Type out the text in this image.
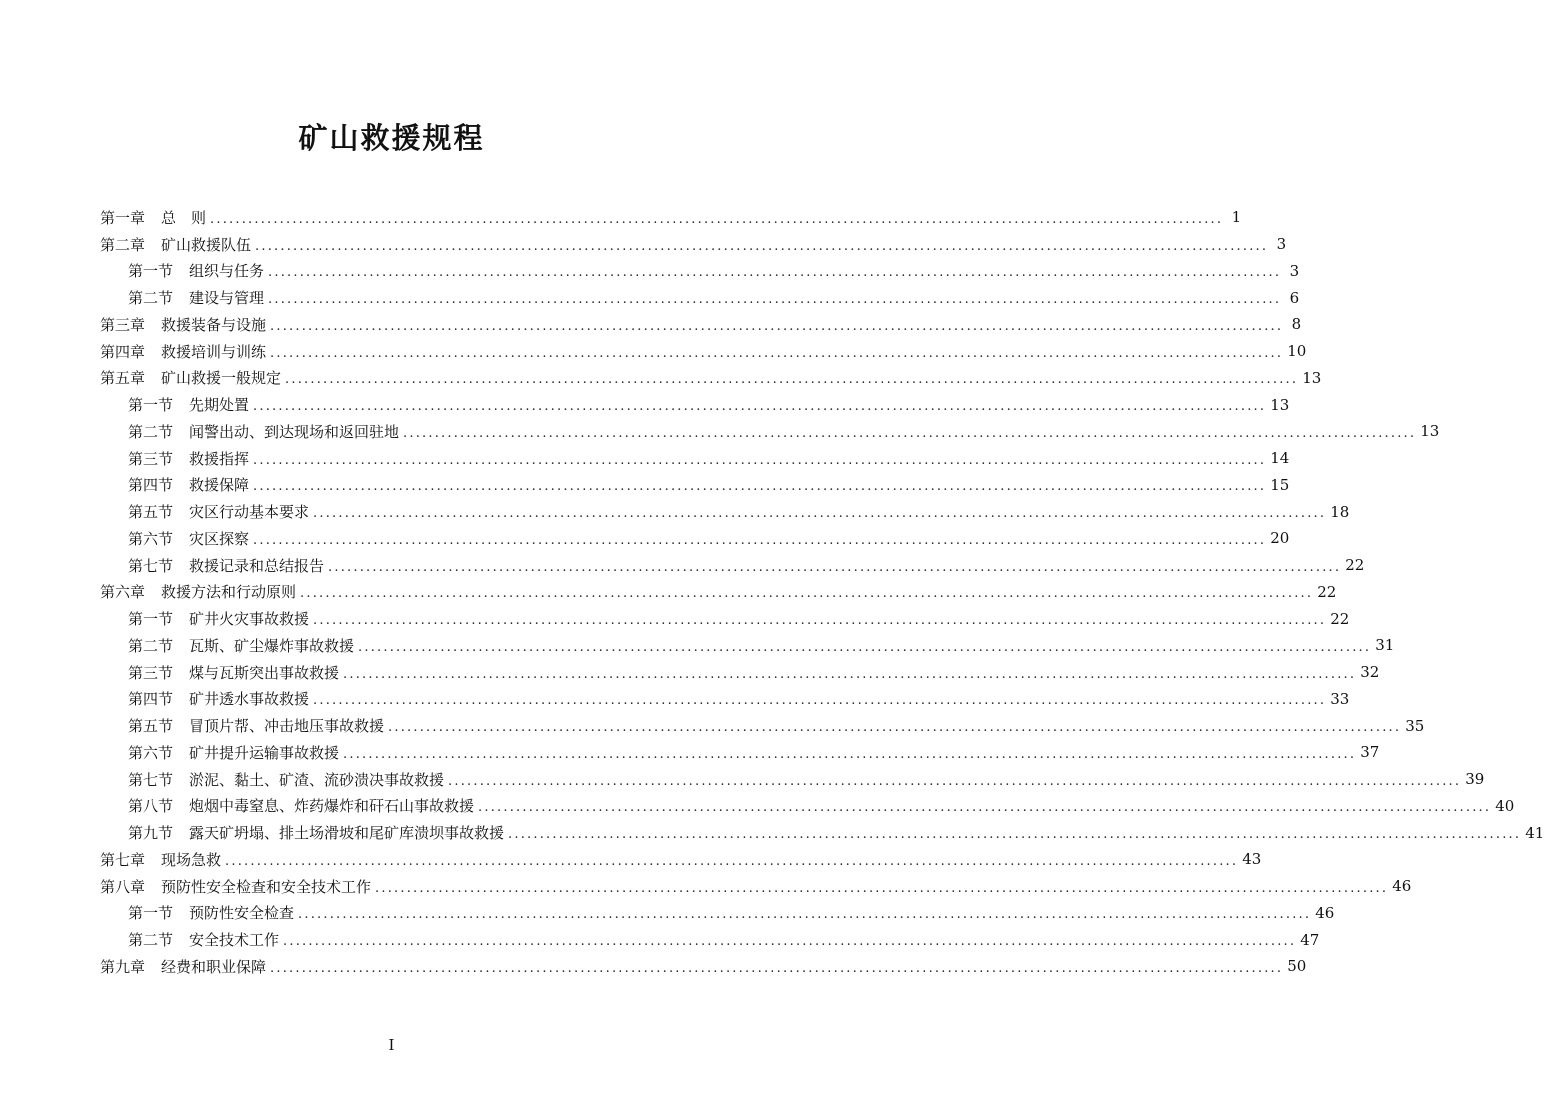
矿山救援规程
第一章 总　则 ................................................................................................................................................................ 1
第二章 矿山救援队伍 ................................................................................................................................................................ 3
第一节 组织与任务 ................................................................................................................................................................ 3
第二节 建设与管理 ................................................................................................................................................................ 6
第三章 救援装备与设施 ................................................................................................................................................................ 8
第四章 救援培训与训练 ................................................................................................................................................................ 10
第五章 矿山救援一般规定 ................................................................................................................................................................ 13
第一节 先期处置 ................................................................................................................................................................ 13
第二节 闻警出动、到达现场和返回驻地 ................................................................................................................................................................ 13
第三节 救援指挥 ................................................................................................................................................................ 14
第四节 救援保障 ................................................................................................................................................................ 15
第五节 灾区行动基本要求 ................................................................................................................................................................ 18
第六节 灾区探察 ................................................................................................................................................................ 20
第七节 救援记录和总结报告 ................................................................................................................................................................ 22
第六章 救援方法和行动原则 ................................................................................................................................................................ 22
第一节 矿井火灾事故救援 ................................................................................................................................................................ 22
第二节 瓦斯、矿尘爆炸事故救援 ................................................................................................................................................................ 31
第三节 煤与瓦斯突出事故救援 ................................................................................................................................................................ 32
第四节 矿井透水事故救援 ................................................................................................................................................................ 33
第五节 冒顶片帮、冲击地压事故救援 ................................................................................................................................................................ 35
第六节 矿井提升运输事故救援 ................................................................................................................................................................ 37
第七节 淤泥、黏土、矿渣、流砂溃决事故救援 ................................................................................................................................................................ 39
第八节 炮烟中毒窒息、炸药爆炸和矸石山事故救援 ................................................................................................................................................................ 40
第九节 露天矿坍塌、排土场滑坡和尾矿库溃坝事故救援 ................................................................................................................................................................ 41
第七章 现场急救 ................................................................................................................................................................ 43
第八章 预防性安全检查和安全技术工作 ................................................................................................................................................................ 46
第一节 预防性安全检查 ................................................................................................................................................................ 46
第二节 安全技术工作 ................................................................................................................................................................ 47
第九章 经费和职业保障 ................................................................................................................................................................ 50
I
